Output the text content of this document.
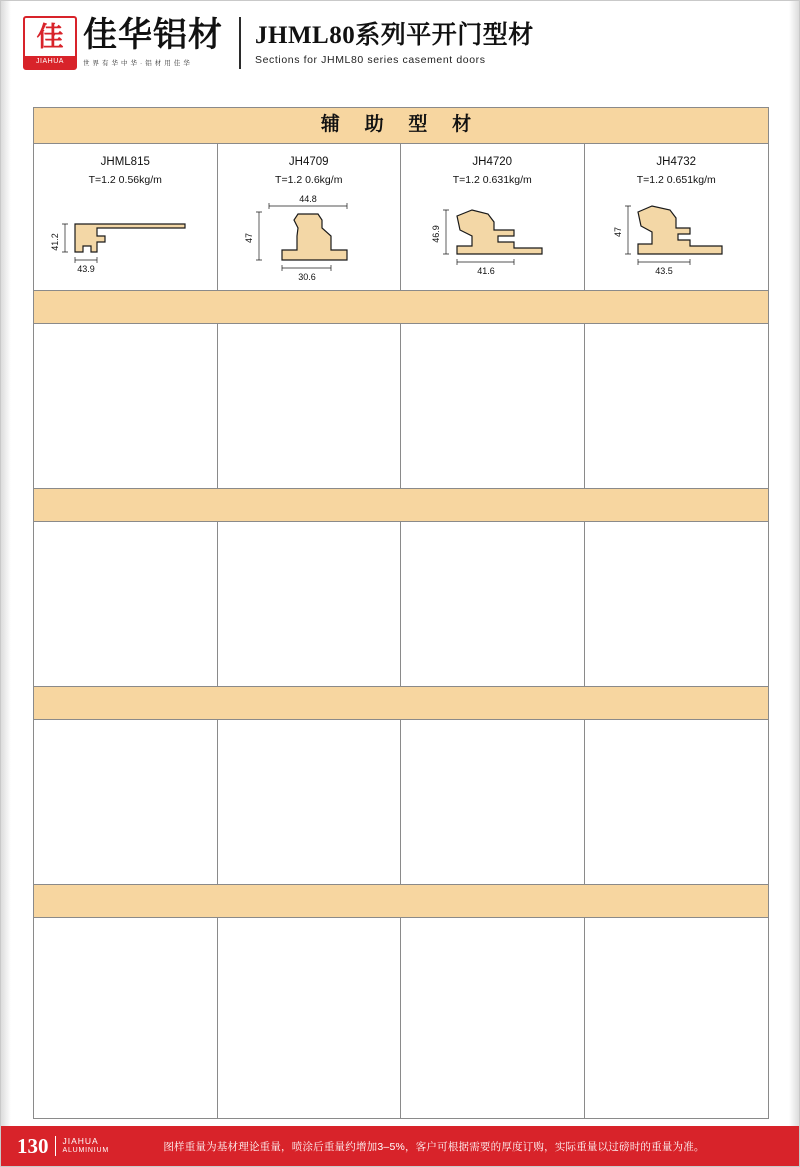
佳
JIAHUA
佳华铝材
世 界 有 华 中 华 · 铝 材 用 佳 华
JHML80系列平开门型材
Sections for JHML80 series casement doors
辅 助 型 材
JHML815
T=1.2 0.56kg/m
41.2
43.9
JH4709
T=1.2 0.6kg/m
44.8
47
30.6
JH4720
T=1.2 0.631kg/m
46.9
41.6
JH4732
T=1.2 0.651kg/m
47
43.5
130	JIAHUA
ALUMINIUM	图样重量为基材理论重量，喷涂后重量约增加3–5%，客户可根据需要的厚度订购，实际重量以过磅时的重量为准。
